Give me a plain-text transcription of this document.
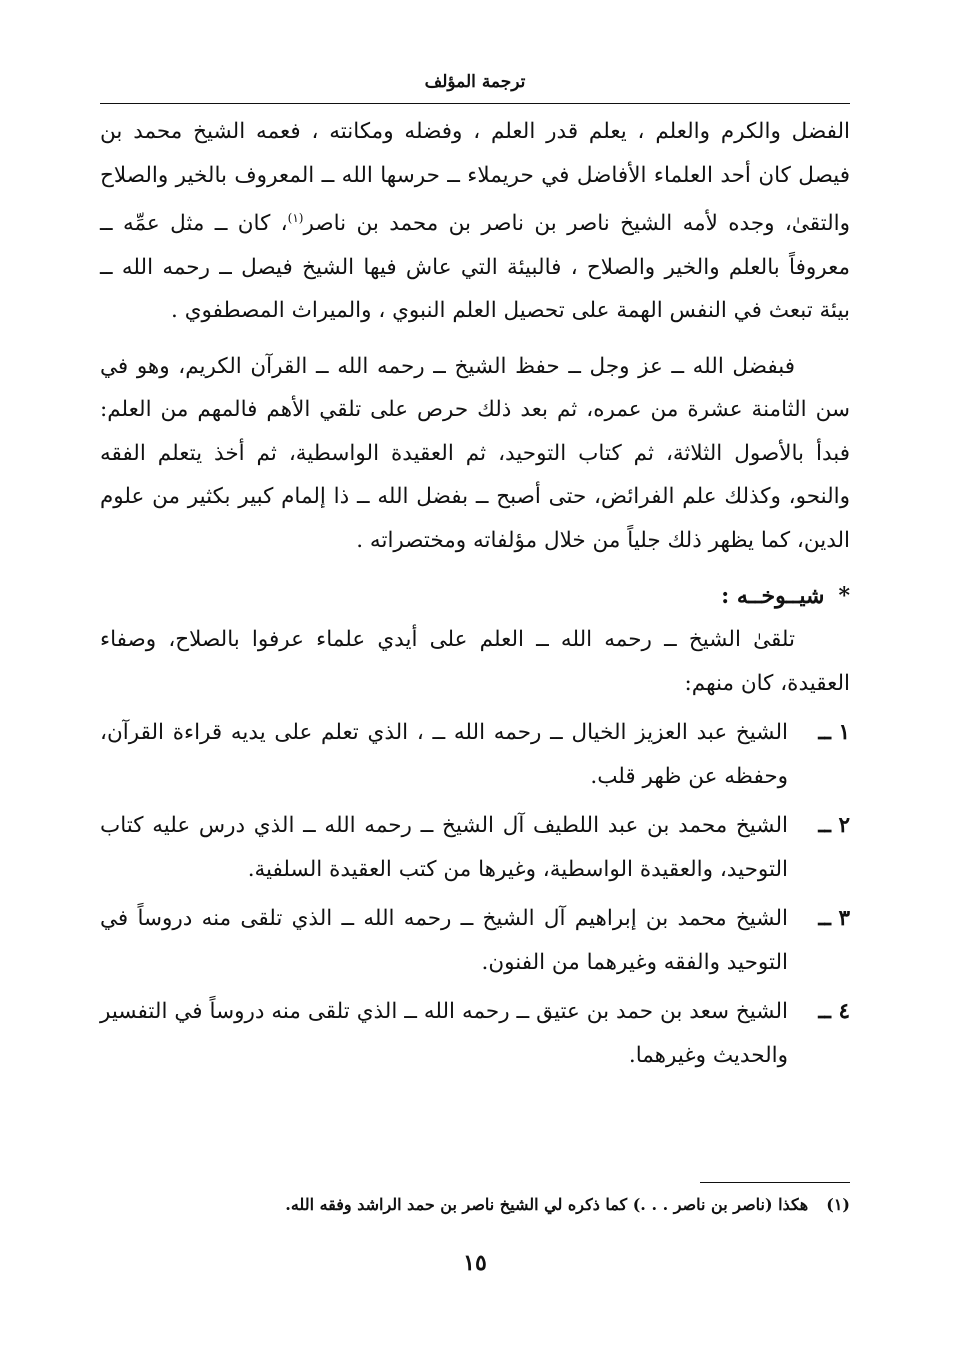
ترجمة المؤلف

الفضل والكرم والعلم ، يعلم قدر العلم ، وفضله ومكانته ، فعمه الشيخ محمد بن فيصل كان أحد العلماء الأفاضل في حريملاء ــ حرسها الله ــ المعروف بالخير والصلاح والتقىٰ، وجده لأمه الشيخ ناصر بن ناصر بن محمد بن ناصر$^{(١)}$، كان ــ مثل عمِّه ــ معروفاً بالعلم والخير والصلاح ، فالبيئة التي عاش فيها الشيخ فيصل ــ رحمه الله ــ بيئة تبعث في النفس الهمة على تحصيل العلم النبوي ، والميراث المصطفوي .

فبفضل الله ــ عز وجل ــ حفظ الشيخ ــ رحمه الله ــ القرآن الكريم، وهو في سن الثامنة عشرة من عمره، ثم بعد ذلك حرص على تلقي الأهم فالمهم من العلم: فبدأ بالأصول الثلاثة، ثم كتاب التوحيد، ثم العقيدة الواسطية، ثم أخذ يتعلم الفقه والنحو، وكذلك علم الفرائض، حتى أصبح ــ بفضل الله ــ ذا إلمام كبير بكثير من علوم الدين، كما يظهر ذلك جلياً من خلال مؤلفاته ومختصراته .

*شيــوخــه :

تلقىٰ الشيخ ــ رحمه الله ــ العلم على أيدي علماء عرفوا بالصلاح، وصفاء العقيدة، كان منهم:

١ ــ

الشيخ عبد العزيز الخيال ــ رحمه الله ــ ، الذي تعلم على يديه قراءة القرآن، وحفظه عن ظهر قلب.

٢ ــ

الشيخ محمد بن عبد اللطيف آل الشيخ ــ رحمه الله ــ الذي درس عليه كتاب التوحيد، والعقيدة الواسطية، وغيرها من كتب العقيدة السلفية.

٣ ــ

الشيخ محمد بن إبراهيم آل الشيخ ــ رحمه الله ــ الذي تلقى منه دروساً في التوحيد والفقه وغيرهما من الفنون.

٤ ــ

الشيخ سعد بن حمد بن عتيق ــ رحمه الله ــ الذي تلقى منه دروساً في التفسير والحديث وغيرهما.

(١)هكذا (ناصر بن ناصر . . .) كما ذكره لي الشيخ ناصر بن حمد الراشد وفقه الله.
١٥
